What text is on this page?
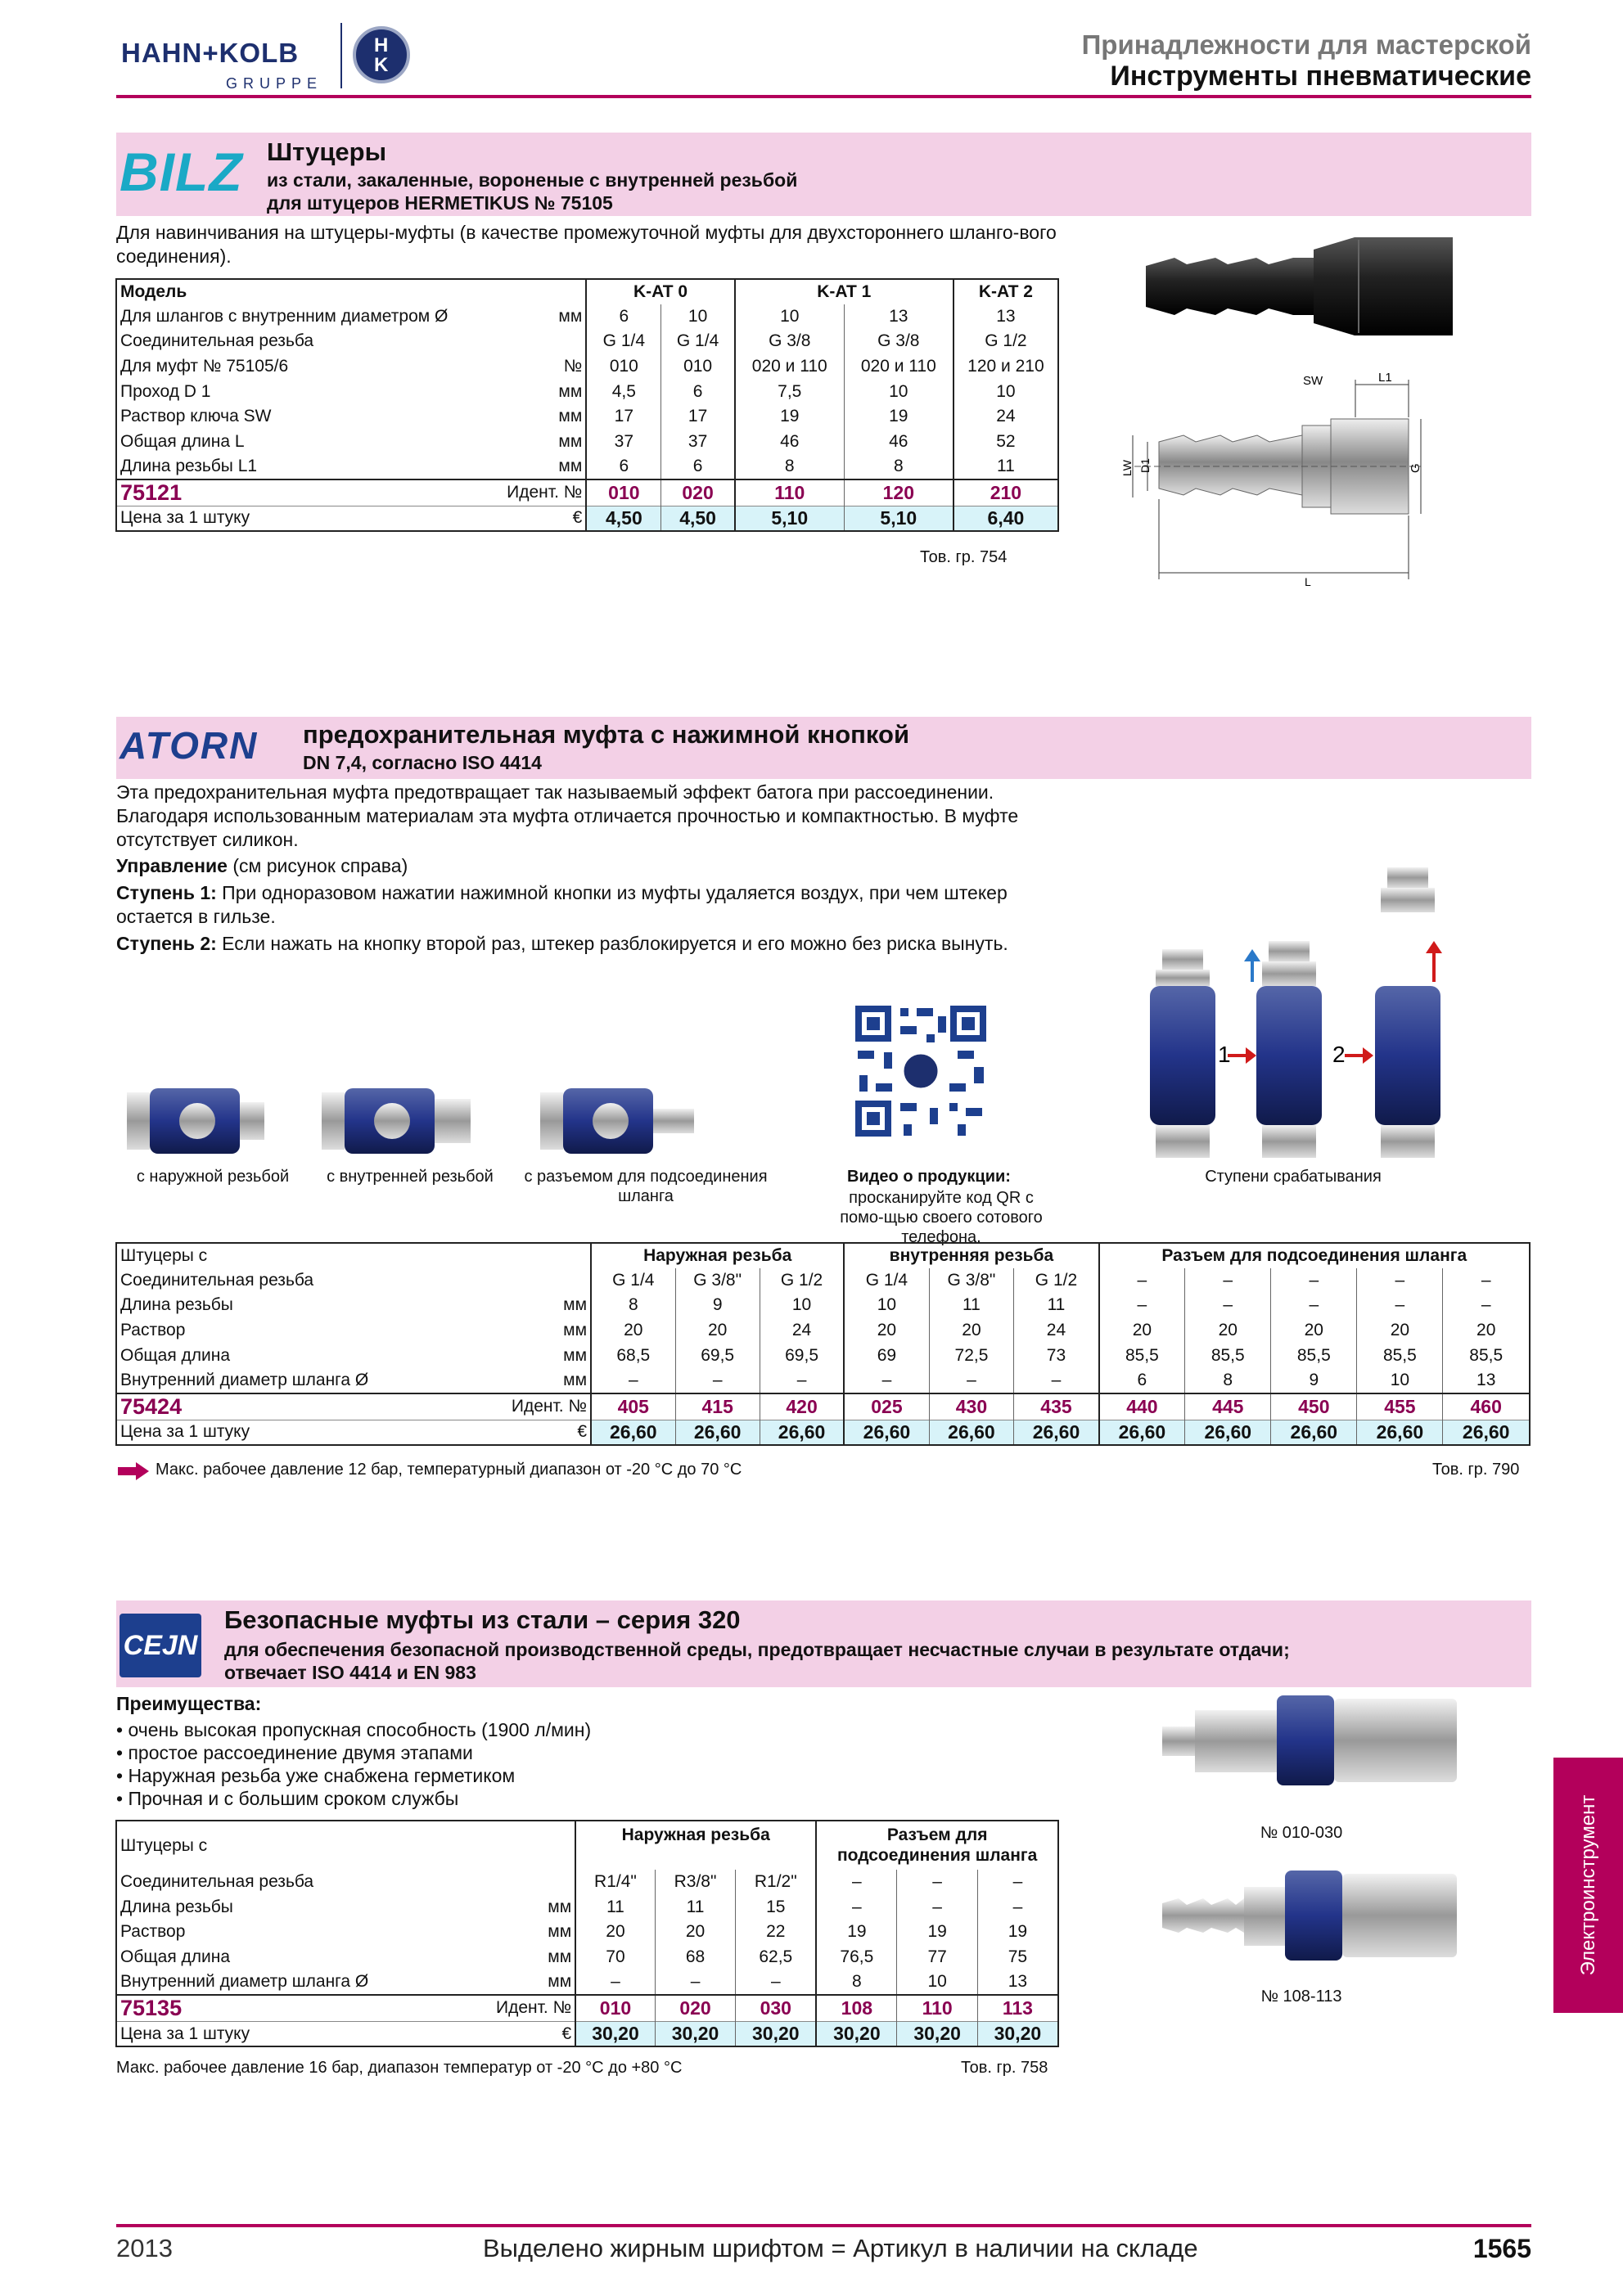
HAHN+KOLB
GRUPPE
H
K
Принадлежности для мастерской
Инструменты пневматические
BILZ Штуцеры
из стали, закаленные, вороненые с внутренней резьбой
для штуцеров HERMETIKUS № 75105
Для навинчивания на штуцеры-муфты (в качестве промежуточной муфты для двухстороннего шланго-вого соединения).
Модель		K-AT 0		K-AT 1		K-AT 2
Для шлангов с внутренним диаметром Ø	мм	6	10	10	13	13
Соединительная резьба		G 1/4	G 1/4	G 3/8	G 3/8	G 1/2
Для муфт № 75105/6	№	010	010	020 и 110	020 и 110	120 и 210
Проход D 1	мм	4,5	6	7,5	10	10
Раствор ключа SW	мм	17	17	19	19	24
Общая длина L	мм	37	37	46	46	52
Длина резьбы L1	мм	6	6	8	8	11
75121	Идент. №	010	020	110	120	210
Цена за 1 штуку	€	4,50	4,50	5,10	5,10	6,40
Тов. гр. 754
SW	L1
LW D1	G
L
ATORN предохранительная муфта с нажимной кнопкой
DN 7,4, согласно ISO 4414
Эта предохранительная муфта предотвращает так называемый эффект батога при рассоединении.
Благодаря использованным материалам эта муфта отличается прочностью и компактностью. В муфте
отсутствует силикон.
Управление (см рисунок справа)
Ступень 1: При одноразовом нажатии нажимной кнопки из муфты удаляется воздух, при чем штекер
остается в гильзе.
Ступень 2: Если нажать на кнопку второй раз, штекер разблокируется и его можно без риска вынуть.
с наружной резьбой	с внутренней резьбой	с разъемом для подсоединения шланга
Видео о продукции:
просканируйте код QR с помо-щью своего сотового телефона.
1	2
Ступени срабатывания
Штуцеры с		Наружная резьба			внутренняя резьба			Разъем для подсоединения шланга				
Соединительная резьба		G 1/4	G 3/8"	G 1/2	G 1/4	G 3/8"	G 1/2	–	–	–	–	–
Длина резьбы	мм	8	9	10	10	11	11	–	–	–	–	–
Раствор	мм	20	20	24	20	20	24	20	20	20	20	20
Общая длина	мм	68,5	69,5	69,5	69	72,5	73	85,5	85,5	85,5	85,5	85,5
Внутренний диаметр шланга Ø	мм	–	–	–	–	–	–	6	8	9	10	13
75424	Идент. №	405	415	420	025	430	435	440	445	450	455	460
Цена за 1 штуку	€	26,60	26,60	26,60	26,60	26,60	26,60	26,60	26,60	26,60	26,60	26,60
Макс. рабочее давление 12 бар, температурный диапазон от -20 °C до 70 °C	Тов. гр. 790
CEJN
Безопасные муфты из стали – серия 320
для обеспечения безопасной производственной среды, предотвращает несчастные случаи в результате отдачи;
отвечает ISO 4414 и EN 983
Преимущества:
• очень высокая пропускная способность (1900 л/мин)
• простое рассоединение двумя этапами
• Наружная резьба уже снабжена герметиком
• Прочная и с большим сроком службы
Штуцеры с		Наружная резьба			Разъем для подсоединения шланга		
Соединительная резьба		R1/4"	R3/8"	R1/2"	–	–	–
Длина резьбы	мм	11	11	15	–	–	–
Раствор	мм	20	20	22	19	19	19
Общая длина	мм	70	68	62,5	76,5	77	75
Внутренний диаметр шланга Ø	мм	–	–	–	8	10	13
75135	Идент. №	010	020	030	108	110	113
Цена за 1 штуку	€	30,20	30,20	30,20	30,20	30,20	30,20
Макс. рабочее давление 16 бар, диапазон температур от -20 °C до +80 °C	Тов. гр. 758
№ 010-030
№ 108-113
Электроинструмент
2013	Выделено жирным шрифтом = Артикул в наличии на складе	1565
